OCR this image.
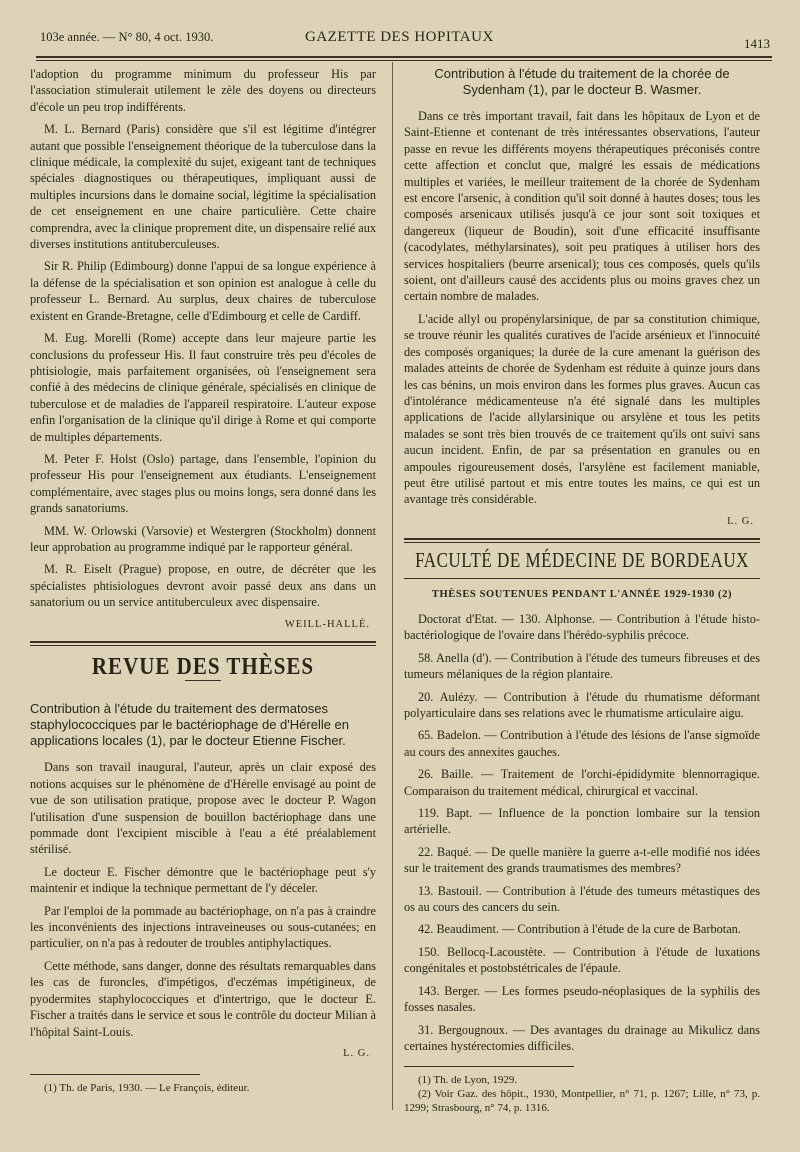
103e année. — N° 80, 4 oct. 1930.	GAZETTE DES HOPITAUX	1413

l'adoption du programme minimum du professeur His par l'association stimulerait utilement le zèle des doyens ou directeurs d'école un peu trop indifférents.

M. L. Bernard (Paris) considère que s'il est légitime d'intégrer autant que possible l'enseignement théorique de la tuberculose dans la clinique médicale, la complexité du sujet, exigeant tant de techniques spéciales diagnostiques ou thérapeutiques, impliquant aussi de multiples incursions dans le domaine social, légitime la spécialisation de cet enseignement en une chaire particulière. Cette chaire comprendra, avec la clinique proprement dite, un dispensaire relié aux diverses institutions antituberculeuses.

Sir R. Philip (Edimbourg) donne l'appui de sa longue expérience à la défense de la spécialisation et son opinion est analogue à celle du professeur L. Bernard. Au surplus, deux chaires de tuberculose existent en Grande-Bretagne, celle d'Edimbourg et celle de Cardiff.

M. Eug. Morelli (Rome) accepte dans leur majeure partie les conclusions du professeur His. Il faut construire très peu d'écoles de phtisiologie, mais parfaitement organisées, où l'enseignement sera confié à des médecins de clinique générale, spécialisés en clinique de tuberculose et de maladies de l'appareil respiratoire. L'auteur expose enfin l'organisation de la clinique qu'il dirige à Rome et qui comporte de multiples départements.

M. Peter F. Holst (Oslo) partage, dans l'ensemble, l'opinion du professeur His pour l'enseignement aux étudiants. L'enseignement complémentaire, avec stages plus ou moins longs, sera donné dans les grands sanatoriums.

MM. W. Orlowski (Varsovie) et Westergren (Stockholm) donnent leur approbation au programme indiqué par le rapporteur général.

M. R. Eiselt (Prague) propose, en outre, de décréter que les spécialistes phtisiologues devront avoir passé deux ans dans un sanatorium ou un service antituberculeux avec dispensaire.

WEILL-HALLÉ.

REVUE DES THÈSES
Contribution à l'étude du traitement des dermatoses staphylococciques par le bactériophage de d'Hérelle en applications locales (1), par le docteur Etienne Fischer.

Dans son travail inaugural, l'auteur, après un clair exposé des notions acquises sur le phénomène de d'Hérelle envisagé au point de vue de son utilisation pratique, propose avec le docteur P. Wagon l'utilisation d'une suspension de bouillon bactériophage dans une pommade dont l'excipient miscible à l'eau a été préalablement stérilisé.

Le docteur E. Fischer démontre que le bactériophage peut s'y maintenir et indique la technique permettant de l'y déceler.

Par l'emploi de la pommade au bactériophage, on n'a pas à craindre les inconvénients des injections intraveineuses ou sous-cutanées; en particulier, on n'a pas à redouter de troubles antiphylactiques.

Cette méthode, sans danger, donne des résultats remarquables dans les cas de furoncles, d'impétigos, d'eczémas impétigineux, de pyodermites staphylococciques et d'intertrigo, que le docteur E. Fischer a traités dans le service et sous le contrôle du docteur Milian à l'hôpital Saint-Louis.

L. G.

(1) Th. de Paris, 1930. — Le François, éditeur.

Contribution à l'étude du traitement de la chorée de Sydenham (1), par le docteur B. Wasmer.

Dans ce très important travail, fait dans les hôpitaux de Lyon et de Saint-Etienne et contenant de très intéressantes observations, l'auteur passe en revue les différents moyens thérapeutiques préconisés contre cette affection et conclut que, malgré les essais de médications multiples et variées, le meilleur traitement de la chorée de Sydenham est encore l'arsenic, à condition qu'il soit donné à hautes doses; tous les composés arsenicaux utilisés jusqu'à ce jour sont soit toxiques et dangereux (liqueur de Boudin), soit d'une efficacité insuffisante (cacodylates, méthylarsinates), soit peu pratiques à utiliser hors des services hospitaliers (beurre arsenical); tous ces composés, quels qu'ils soient, ont d'ailleurs causé des accidents plus ou moins graves chez un certain nombre de malades.

L'acide allyl ou propénylarsinique, de par sa constitution chimique, se trouve réunir les qualités curatives de l'acide arsénieux et l'innocuité des composés organiques; la durée de la cure amenant la guérison des malades atteints de chorée de Sydenham est réduite à quinze jours dans les cas bénins, un mois environ dans les formes plus graves. Aucun cas d'intolérance médicamenteuse n'a été signalé dans les multiples applications de l'acide allylarsinique ou arsylène et tous les petits malades se sont très bien trouvés de ce traitement qu'ils ont suivi sans aucun incident. Enfin, de par sa présentation en granules ou en ampoules rigoureusement dosés, l'arsylène est facilement maniable, peut être utilisé partout et mis entre toutes les mains, ce qui est un avantage très considérable.

L. G.

FACULTÉ DE MÉDECINE DE BORDEAUX
THÈSES SOUTENUES PENDANT L'ANNÉE 1929-1930 (2)

Doctorat d'Etat. — 130. Alphonse. — Contribution à l'étude histo-bactériologique de l'ovaire dans l'hérédo-syphilis précoce.

58. Anella (d'). — Contribution à l'étude des tumeurs fibreuses et des tumeurs mélaniques de la région plantaire.

20. Aulézy. — Contribution à l'étude du rhumatisme déformant polyarticulaire dans ses relations avec le rhumatisme articulaire aigu.

65. Badelon. — Contribution à l'étude des lésions de l'anse sigmoïde au cours des annexites gauches.

26. Baille. — Traitement de l'orchi-épididymite blennorragique. Comparaison du traitement médical, chirurgical et vaccinal.

119. Bapt. — Influence de la ponction lombaire sur la tension artérielle.

22. Baqué. — De quelle manière la guerre a-t-elle modifié nos idées sur le traitement des grands traumatismes des membres?

13. Bastouil. — Contribution à l'étude des tumeurs métastiques des os au cours des cancers du sein.

42. Beaudiment. — Contribution à l'étude de la cure de Barbotan.

150. Bellocq-Lacoustète. — Contribution à l'étude de luxations congénitales et postobstétricales de l'épaule.

143. Berger. — Les formes pseudo-néoplasiques de la syphilis des fosses nasales.

31. Bergougnoux. — Des avantages du drainage au Mikulicz dans certaines hystérectomies difficiles.

(1) Th. de Lyon, 1929.

(2) Voir Gaz. des hôpit., 1930, Montpellier, n° 71, p. 1267; Lille, n° 73, p. 1299; Strasbourg, n° 74, p. 1316.
